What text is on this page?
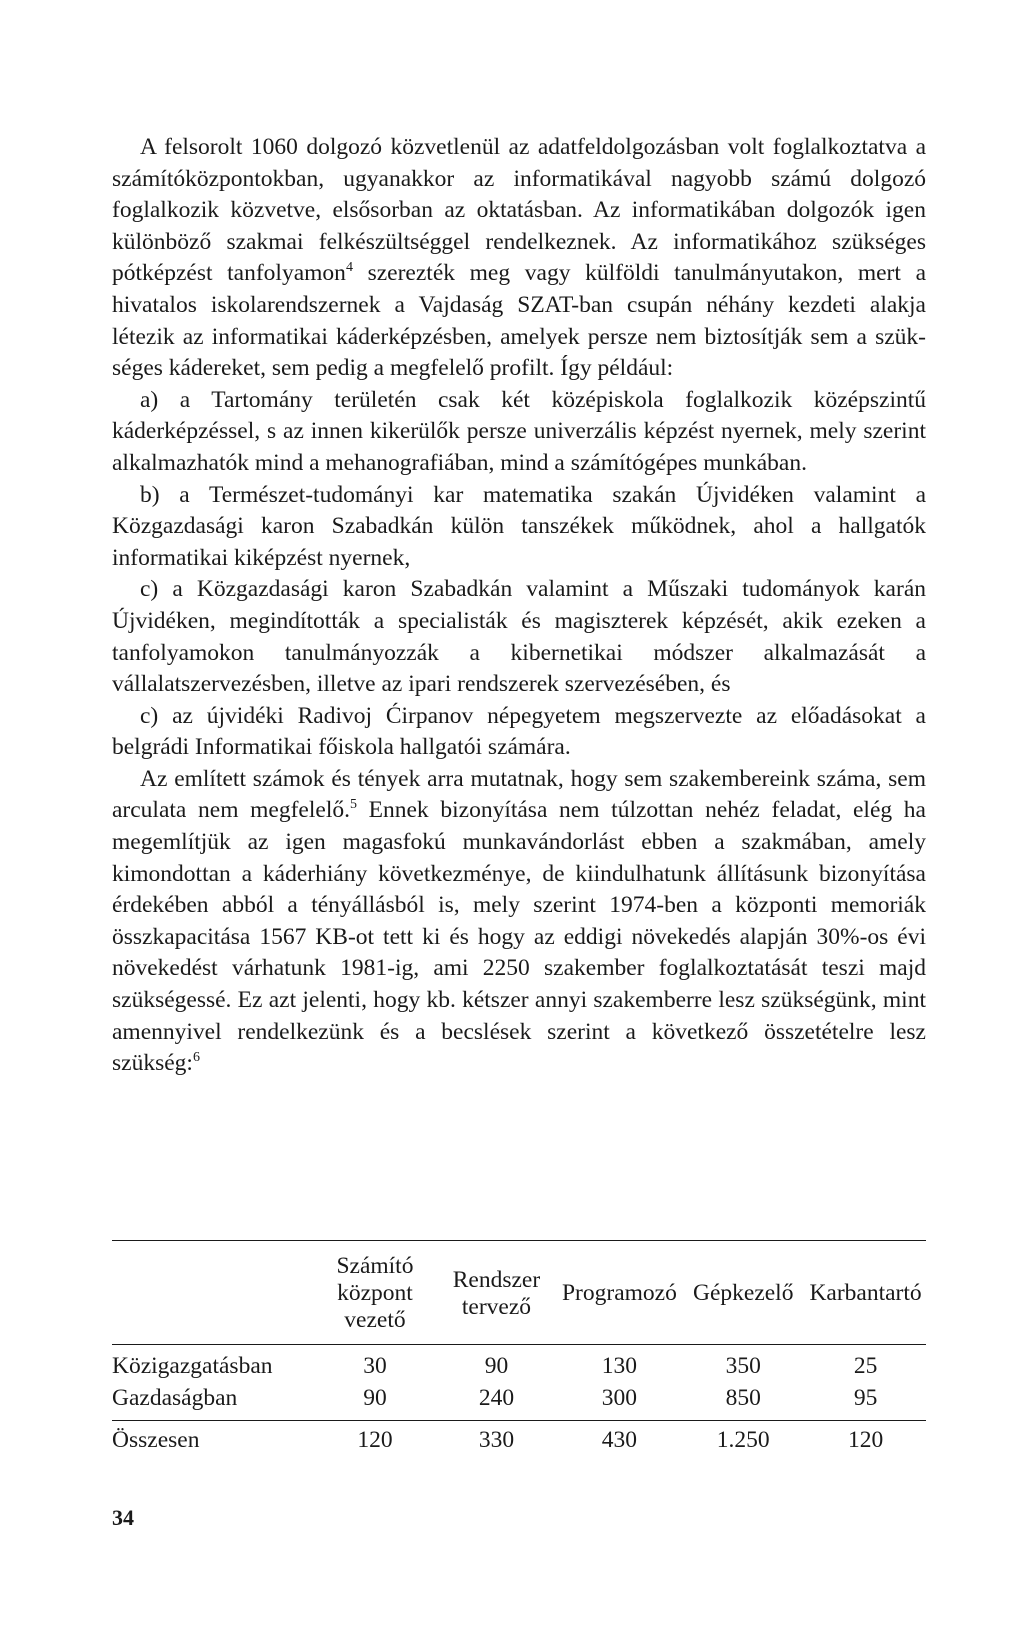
A felsorolt 1060 dolgozó közvetlenül az adatfeldolgozásban volt foglalkoztatva a számítóközpontokban, ugyanakkor az informatikával nagyobb számú dolgozó foglalkozik közvetve, elsősorban az oktatásban. Az informatikában dolgozók igen különböző szakmai felkészültséggel rendelkeznek. Az informatikához szükséges pótképzést tanfolyamon$^4$ szerezték meg vagy külföldi tanulmányutakon, mert a hivatalos iskolarendszernek a Vajdaság SZAT-ban csupán néhány kezdeti alakja létezik az informatikai káderképzésben, amelyek persze nem biztosítják sem a szükséges kádereket, sem pedig a megfelelő profilt. Így például:

a) a Tartomány területén csak két középiskola foglalkozik középszintű káderképzéssel, s az innen kikerülők persze univerzális képzést nyernek, mely szerint alkalmazhatók mind a mehanografiában, mind a számítógépes munkában.

b) a Természet-tudományi kar matematika szakán Újvidéken valamint a Közgazdasági karon Szabadkán külön tanszékek működnek, ahol a hallgatók informatikai kiképzést nyernek,

c) a Közgazdasági karon Szabadkán valamint a Műszaki tudományok karán Újvidéken, megindították a specialisták és magiszterek képzését, akik ezeken a tanfolyamokon tanulmányozzák a kibernetikai módszer alkalmazását a vállalatszervezésben, illetve az ipari rendszerek szervezésében, és

c) az újvidéki Radivoj Ćirpanov népegyetem megszervezte az előadásokat a belgrádi Informatikai főiskola hallgatói számára.

Az említett számok és tények arra mutatnak, hogy sem szakembereink száma, sem arculata nem megfelelő.$^5$ Ennek bizonyítása nem túlzottan nehéz feladat, elég ha megemlítjük az igen magasfokú munkavándorlást ebben a szakmában, amely kimondottan a káderhiány következménye, de kiindulhatunk állításunk bizonyítása érdekében abból a tényállásból is, mely szerint 1974-ben a központi memoriák összkapacitása 1567 KB-ot tett ki és hogy az eddigi növekedés alapján 30%-os évi növekedést várhatunk 1981-ig, ami 2250 szakember foglalkoztatását teszi majd szükségessé. Ez azt jelenti, hogy kb. kétszer annyi szakemberre lesz szükségünk, mint amennyivel rendelkezünk és a becslések szerint a következő összetételre lesz szükség:$^6$

	Számító központ vezető	Rendszer tervező	Programozó	Gépkezelő	Karbantartó
Közigazgatásban	30	90	130	350	25
Gazdaságban	90	240	300	850	95
Összesen	120	330	430	1.250	120
34
